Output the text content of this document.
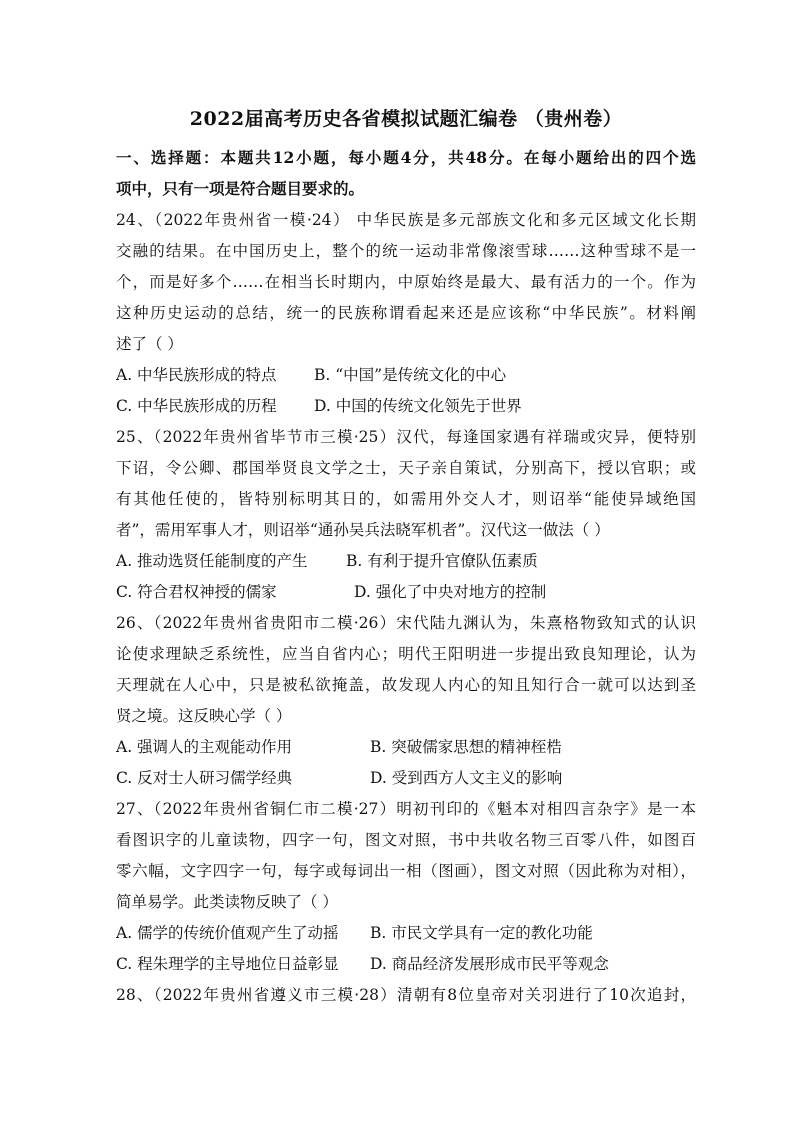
2022届高考历史各省模拟试题汇编卷 （贵州卷）
一、选择题：本题共12小题，每小题4分，共48分。在每小题给出的四个选
项中，只有一项是符合题目要求的。
24、（2022年贵州省一模·24） 中华民族是多元部族文化和多元区域文化长期
交融的结果。在中国历史上，整个的统一运动非常像滚雪球……这种雪球不是一
个，而是好多个……在相当长时期内，中原始终是最大、最有活力的一个。作为
这种历史运动的总结，统一的民族称谓看起来还是应该称“中华民族”。材料阐
述了（ ）
A. 中华民族形成的特点 B. “中国”是传统文化的中心
C. 中华民族形成的历程 D. 中国的传统文化领先于世界
25、（2022年贵州省毕节市三模·25）汉代，每逢国家遇有祥瑞或灾异，便特别
下诏，令公卿、郡国举贤良文学之士，天子亲自策试，分别高下，授以官职；或
有其他任使的，皆特别标明其日的，如需用外交人才，则诏举“能使异域绝国
者”，需用军事人才，则诏举“通孙吴兵法晓军机者”。汉代这一做法（ ）
A. 推动选贤任能制度的产生 B. 有利于提升官僚队伍素质
C. 符合君权神授的儒家	D. 强化了中央对地方的控制
26、（2022年贵州省贵阳市二模·26）宋代陆九渊认为，朱熹格物致知式的认识
论使求理缺乏系统性，应当自省内心；明代王阳明进一步提出致良知理论，认为
天理就在人心中，只是被私欲掩盖，故发现人内心的知且知行合一就可以达到圣
贤之境。这反映心学（ ）
A. 强调人的主观能动作用	B. 突破儒家思想的精神桎梏
C. 反对士人研习儒学经典	D. 受到西方人文主义的影响
27、（2022年贵州省铜仁市二模·27）明初刊印的《魁本对相四言杂字》是一本
看图识字的儿童读物，四字一句，图文对照，书中共收名物三百零八件，如图百
零六幅，文字四字一句，每字或每词出一相（图画），图文对照（因此称为对相），
简单易学。此类读物反映了（ ）
A. 儒学的传统价值观产生了动摇 B. 市民文学具有一定的教化功能
C. 程朱理学的主导地位日益彰显 D. 商品经济发展形成市民平等观念
28、（2022年贵州省遵义市三模·28）清朝有8位皇帝对关羽进行了10次追封，
